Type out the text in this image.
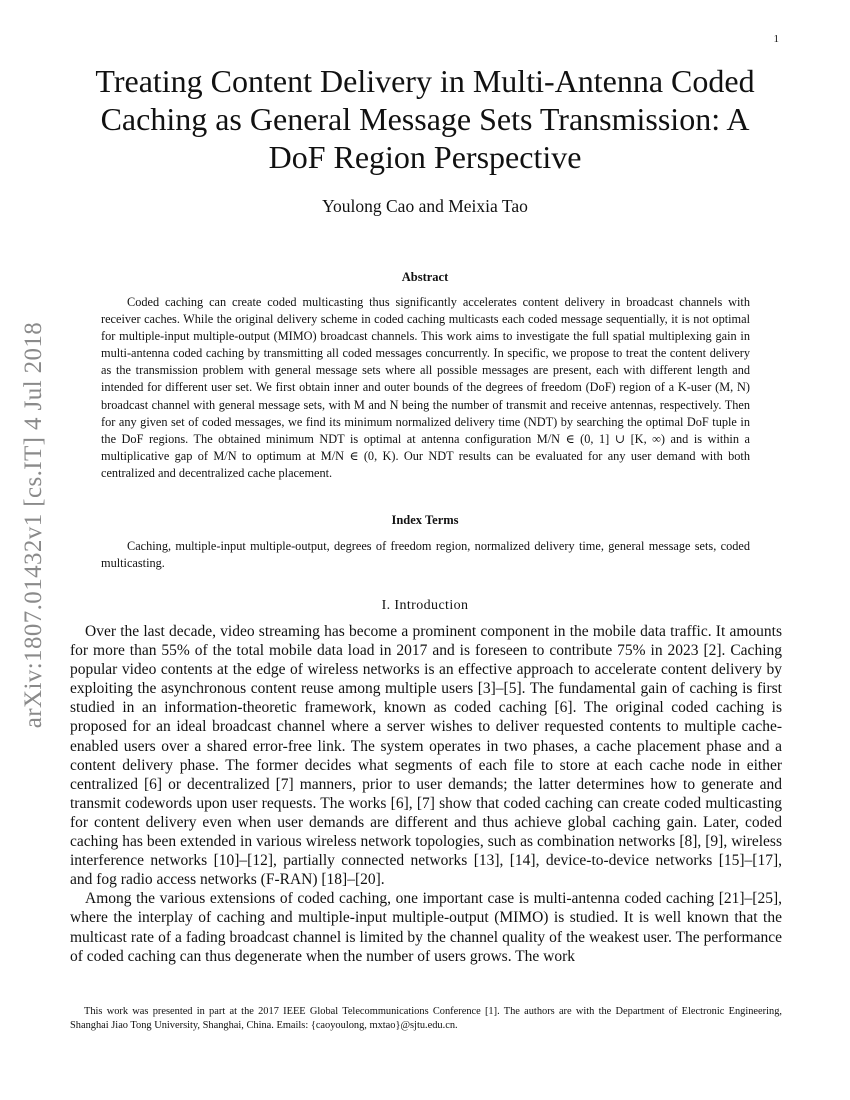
1
arXiv:1807.01432v1 [cs.IT] 4 Jul 2018
Treating Content Delivery in Multi-Antenna Coded Caching as General Message Sets Transmission: A DoF Region Perspective
Youlong Cao and Meixia Tao
Abstract

Coded caching can create coded multicasting thus significantly accelerates content delivery in broadcast channels with receiver caches. While the original delivery scheme in coded caching multicasts each coded message sequentially, it is not optimal for multiple-input multiple-output (MIMO) broadcast channels. This work aims to investigate the full spatial multiplexing gain in multi-antenna coded caching by transmitting all coded messages concurrently. In specific, we propose to treat the content delivery as the transmission problem with general message sets where all possible messages are present, each with different length and intended for different user set. We first obtain inner and outer bounds of the degrees of freedom (DoF) region of a K-user (M, N) broadcast channel with general message sets, with M and N being the number of transmit and receive antennas, respectively. Then for any given set of coded messages, we find its minimum normalized delivery time (NDT) by searching the optimal DoF tuple in the DoF regions. The obtained minimum NDT is optimal at antenna configuration M/N ∈ (0, 1] ∪ [K, ∞) and is within a multiplicative gap of M/N to optimum at M/N ∈ (0, K). Our NDT results can be evaluated for any user demand with both centralized and decentralized cache placement.

Index Terms

Caching, multiple-input multiple-output, degrees of freedom region, normalized delivery time, general message sets, coded multicasting.

I. Introduction

Over the last decade, video streaming has become a prominent component in the mobile data traffic. It amounts for more than 55% of the total mobile data load in 2017 and is foreseen to contribute 75% in 2023 [2]. Caching popular video contents at the edge of wireless networks is an effective approach to accelerate content delivery by exploiting the asynchronous content reuse among multiple users [3]–[5]. The fundamental gain of caching is first studied in an information-theoretic framework, known as coded caching [6]. The original coded caching is proposed for an ideal broadcast channel where a server wishes to deliver requested contents to multiple cache-enabled users over a shared error-free link. The system operates in two phases, a cache placement phase and a content delivery phase. The former decides what segments of each file to store at each cache node in either centralized [6] or decentralized [7] manners, prior to user demands; the latter determines how to generate and transmit codewords upon user requests. The works [6], [7] show that coded caching can create coded multicasting for content delivery even when user demands are different and thus achieve global caching gain. Later, coded caching has been extended in various wireless network topologies, such as combination networks [8], [9], wireless interference networks [10]–[12], partially connected networks [13], [14], device-to-device networks [15]–[17], and fog radio access networks (F-RAN) [18]–[20].

Among the various extensions of coded caching, one important case is multi-antenna coded caching [21]–[25], where the interplay of caching and multiple-input multiple-output (MIMO) is studied. It is well known that the multicast rate of a fading broadcast channel is limited by the channel quality of the weakest user. The performance of coded caching can thus degenerate when the number of users grows. The work

This work was presented in part at the 2017 IEEE Global Telecommunications Conference [1]. The authors are with the Department of Electronic Engineering, Shanghai Jiao Tong University, Shanghai, China. Emails: {caoyoulong, mxtao}@sjtu.edu.cn.
